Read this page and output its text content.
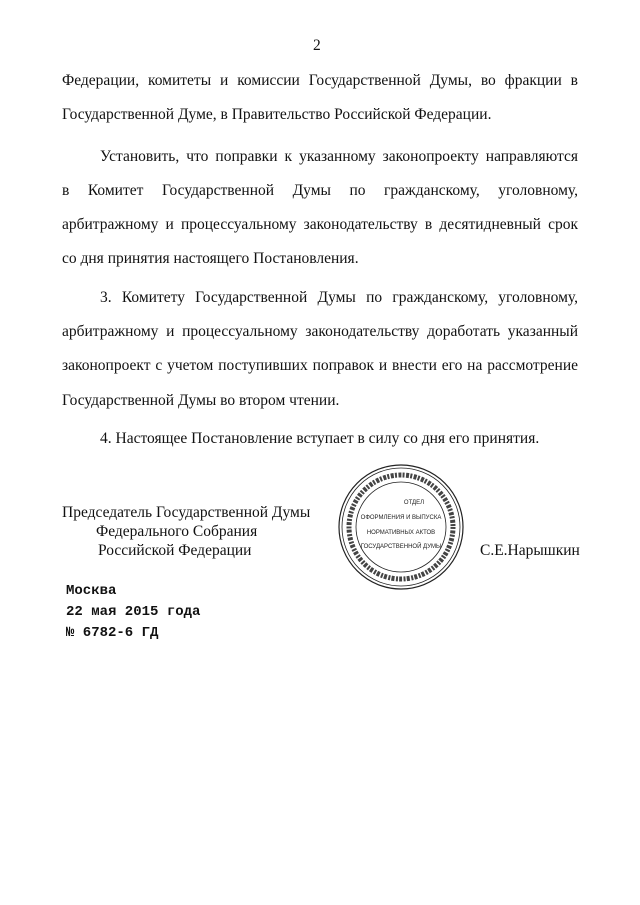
2
Федерации, комитеты и комиссии Государственной Думы, во фракции в
Государственной Думе, в Правительство Российской Федерации.
Установить, что поправки к указанному законопроекту направляются
в Комитет Государственной Думы по гражданскому, уголовному,
арбитражному и процессуальному законодательству в десятидневный срок
со дня принятия настоящего Постановления.
3. Комитету Государственной Думы по гражданскому, уголовному,
арбитражному и процессуальному законодательству доработать указанный
законопроект с учетом поступивших поправок и внести его на рассмотрение
Государственной Думы во втором чтении.
4. Настоящее Постановление вступает в силу со дня его принятия.
Председатель Государственной Думы
Федерального Собрания
Российской Федерации	С.Е.Нарышкин
ОТДЕЛ
ОФОРМЛЕНИЯ И ВЫПУСКА
НОРМАТИВНЫХ АКТОВ
ГОСУДАРСТВЕННОЙ ДУМЫ
Москва
22 мая 2015 года
№ 6782-6 ГД
